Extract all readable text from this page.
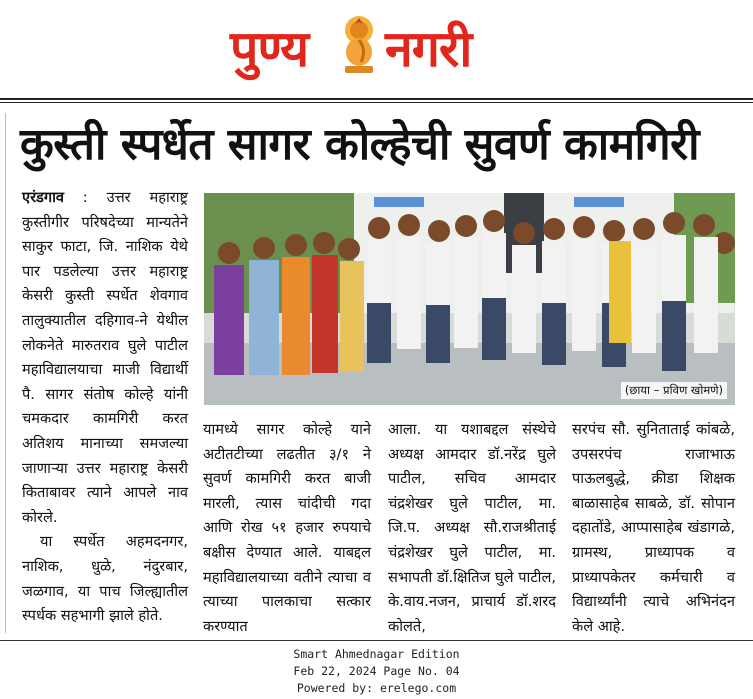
पुण्य नगरी
कुस्ती स्पर्धेत सागर कोल्हेची सुवर्ण कामगिरी

एरंडगाव : उत्तर महाराष्ट्र कुस्तीगीर परिषदेच्या मान्यतेने साकुर फाटा, जि. नाशिक येथे पार पडलेल्या उत्तर महाराष्ट्र केसरी कुस्ती स्पर्धेत शेवगाव तालुक्यातील दहिगाव-ने येथील लोकनेते मारुतराव घुले पाटील महाविद्यालयाचा माजी विद्यार्थी पै. सागर संतोष कोल्हे यांनी चमकदार कामगिरी करत अतिशय मानाच्या समजल्या जाणाऱ्या उत्तर महाराष्ट्र केसरी किताबावर त्याने आपले नाव कोरले.

या स्पर्धेत अहमदनगर, नाशिक, धुळे, नंदुरबार, जळगाव, या पाच जिल्ह्यातील स्पर्धक सहभागी झाले होते.

(छाया – प्रविण खोमणे)
यामध्ये सागर कोल्हे याने अटीतटीच्या लढतीत ३/१ ने सुवर्ण कामगिरी करत बाजी मारली, त्यास चांदीची गदा आणि रोख ५१ हजार रुपयाचे बक्षीस देण्यात आले. याबद्दल महाविद्यालयाच्या वतीने त्याचा व त्याच्या पालकाचा सत्कार करण्यात
आला. या यशाबद्दल संस्थेचे अध्यक्ष आमदार डॉ.नरेंद्र घुले पाटील, सचिव आमदार चंद्रशेखर घुले पाटील, मा. जि.प. अध्यक्ष सौ.राजश्रीताई चंद्रशेखर घुले पाटील, मा. सभापती डॉ.क्षितिज घुले पाटील, के.वाय.नजन, प्राचार्य डॉ.शरद कोलते,
सरपंच सौ. सुनिताताई कांबळे, उपसरपंच राजाभाऊ पाऊलबुद्धे, क्रीडा शिक्षक बाळासाहेब साबळे, डॉ. सोपान दहातोंडे, आप्पासाहेब खंडागळे, ग्रामस्थ, प्राध्यापक व प्राध्यापकेतर कर्मचारी व विद्यार्थ्यांनी त्याचे अभिनंदन केले आहे.
Smart Ahmednagar Edition
Feb 22, 2024 Page No. 04
Powered by: erelego.com
